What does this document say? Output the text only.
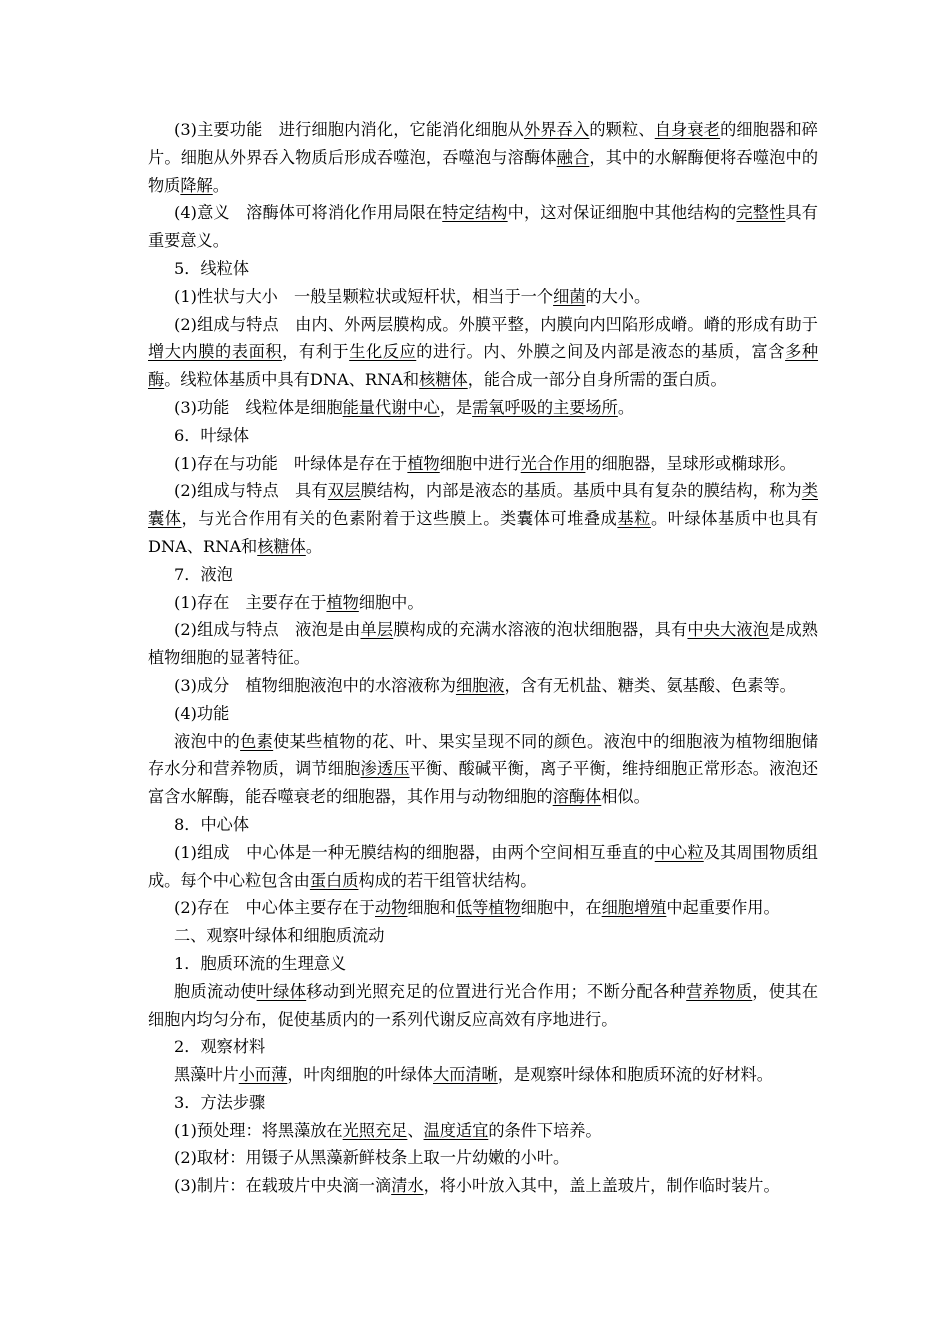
(3)主要功能　进行细胞内消化，它能消化细胞从外界吞入的颗粒、自身衰老的细胞器和碎片。细胞从外界吞入物质后形成吞噬泡，吞噬泡与溶酶体融合，其中的水解酶便将吞噬泡中的物质降解。

(4)意义　溶酶体可将消化作用局限在特定结构中，这对保证细胞中其他结构的完整性具有重要意义。

5．线粒体

(1)性状与大小　一般呈颗粒状或短杆状，相当于一个细菌的大小。

(2)组成与特点　由内、外两层膜构成。外膜平整，内膜向内凹陷形成嵴。嵴的形成有助于增大内膜的表面积，有利于生化反应的进行。内、外膜之间及内部是液态的基质，富含多种酶。线粒体基质中具有DNA、RNA和核糖体，能合成一部分自身所需的蛋白质。

(3)功能　线粒体是细胞能量代谢中心，是需氧呼吸的主要场所。

6．叶绿体

(1)存在与功能　叶绿体是存在于植物细胞中进行光合作用的细胞器，呈球形或椭球形。

(2)组成与特点　具有双层膜结构，内部是液态的基质。基质中具有复杂的膜结构，称为类囊体，与光合作用有关的色素附着于这些膜上。类囊体可堆叠成基粒。叶绿体基质中也具有DNA、RNA和核糖体。

7．液泡

(1)存在　主要存在于植物细胞中。

(2)组成与特点　液泡是由单层膜构成的充满水溶液的泡状细胞器，具有中央大液泡是成熟植物细胞的显著特征。

(3)成分　植物细胞液泡中的水溶液称为细胞液，含有无机盐、糖类、氨基酸、色素等。

(4)功能

液泡中的色素使某些植物的花、叶、果实呈现不同的颜色。液泡中的细胞液为植物细胞储存水分和营养物质，调节细胞渗透压平衡、酸碱平衡，离子平衡，维持细胞正常形态。液泡还富含水解酶，能吞噬衰老的细胞器，其作用与动物细胞的溶酶体相似。

8．中心体

(1)组成　中心体是一种无膜结构的细胞器，由两个空间相互垂直的中心粒及其周围物质组成。每个中心粒包含由蛋白质构成的若干组管状结构。

(2)存在　中心体主要存在于动物细胞和低等植物细胞中，在细胞增殖中起重要作用。

二、观察叶绿体和细胞质流动

1．胞质环流的生理意义

胞质流动使叶绿体移动到光照充足的位置进行光合作用；不断分配各种营养物质，使其在细胞内均匀分布，促使基质内的一系列代谢反应高效有序地进行。

2．观察材料

黑藻叶片小而薄，叶肉细胞的叶绿体大而清晰，是观察叶绿体和胞质环流的好材料。

3．方法步骤

(1)预处理：将黑藻放在光照充足、温度适宜的条件下培养。

(2)取材：用镊子从黑藻新鲜枝条上取一片幼嫩的小叶。

(3)制片：在载玻片中央滴一滴清水，将小叶放入其中，盖上盖玻片，制作临时装片。
